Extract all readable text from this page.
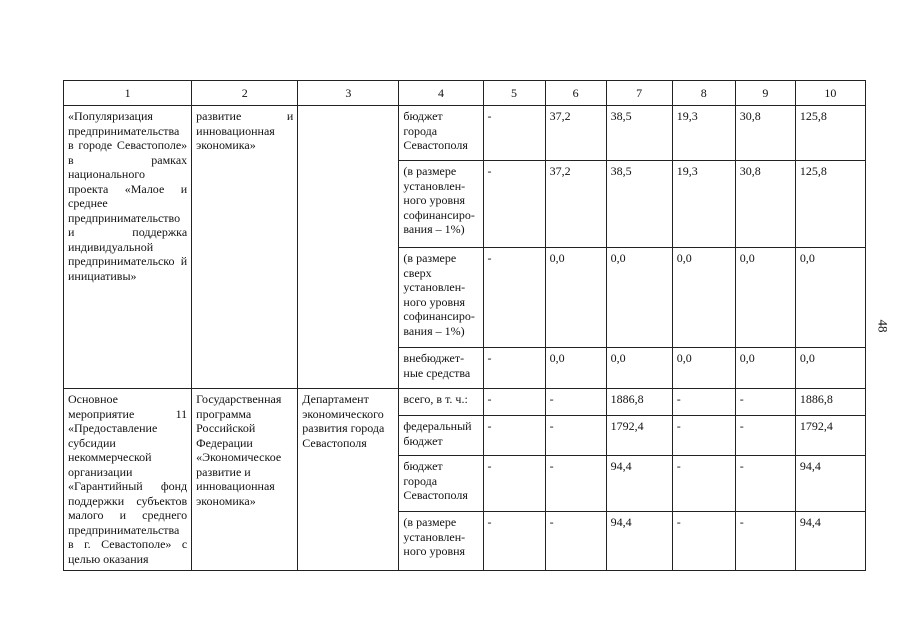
48
1	2	3	4	5	6	7	8	9	10
«Популяризация предпринимательства в городе Севастополе» в рамках национального проекта «Малое и среднее предпринимательство и поддержка индивидуальной предпринимательско й инициативы»	развитие и инновационная экономика»		бюджет города Севастополя	-	37,2	38,5	19,3	30,8	125,8
			(в размере установлен-ного уровня софинансиро-вания – 1%)	-	37,2	38,5	19,3	30,8	125,8
			(в размере сверх установлен-ного уровня софинансиро-вания – 1%)	-	0,0	0,0	0,0	0,0	0,0
			внебюджет-ные средства	-	0,0	0,0	0,0	0,0	0,0
Основное мероприятие 11 «Предоставление субсидии некоммерческой организации «Гарантийный фонд поддержки субъектов малого и среднего предпринимательства в г. Севастополе» с целью оказания	Государственная программа Российской Федерации «Экономическое развитие и инновационная экономика»	Департамент экономического развития города Севастополя	всего, в т. ч.:	-	-	1886,8	-	-	1886,8
			федеральный бюджет	-	-	1792,4	-	-	1792,4
			бюджет города Севастополя	-	-	94,4	-	-	94,4
			(в размере установлен-ного уровня	-	-	94,4	-	-	94,4
